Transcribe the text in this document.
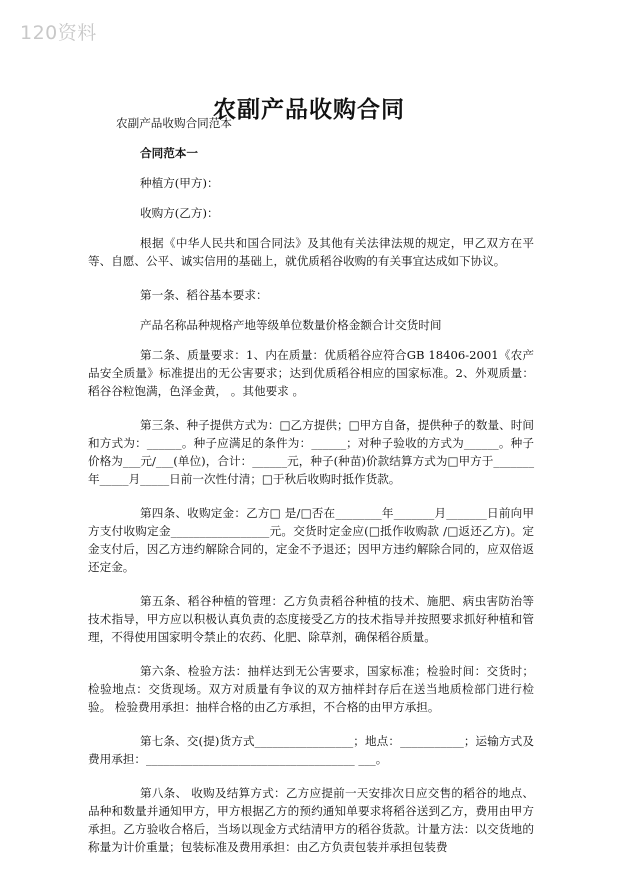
120资料
农副产品收购合同

农副产品收购合同范本

合同范本一

种植方(甲方)：

收购方(乙方)：

根据《中华人民共和国合同法》及其他有关法律法规的规定，甲乙双方在平等、自愿、公平、诚实信用的基础上，就优质稻谷收购的有关事宜达成如下协议。

第一条、稻谷基本要求：

产品名称品种规格产地等级单位数量价格金额合计交货时间

第二条、质量要求：1、内在质量：优质稻谷应符合GB 18406-2001《农产品安全质量》标准提出的无公害要求；达到优质稻谷相应的国家标准。2、外观质量：稻谷谷粒饱满，色泽金黄， 。其他要求 。

第三条、种子提供方式为：□乙方提供；□甲方自备，提供种子的数量、时间和方式为：______。种子应满足的条件为：______；对种子验收的方式为______。种子价格为___元/___(单位)，合计：______元，种子(种苗)价款结算方式为□甲方于_______年_____月_____日前一次性付清；□于秋后收购时抵作货款。

第四条、收购定金：乙方□ 是/□否在________年_______月_______日前向甲方支付收购定金_________________元。交货时定金应(□抵作收购款 /□返还乙方)。定金支付后，因乙方违约解除合同的，定金不予退还；因甲方违约解除合同的，应双倍返还定金。

第五条、稻谷种植的管理：乙方负责稻谷种植的技术、施肥、病虫害防治等技术指导，甲方应以积极认真负责的态度接受乙方的技术指导并按照要求抓好种植和管理，不得使用国家明令禁止的农药、化肥、除草剂，确保稻谷质量。

第六条、检验方法：抽样达到无公害要求，国家标准；检验时间：交货时；检验地点：交货现场。双方对质量有争议的双方抽样封存后在送当地质检部门进行检验。 检验费用承担：抽样合格的由乙方承担，不合格的由甲方承担。

第七条、交(提)货方式_________________；地点：___________；运输方式及费用承担：____________________________________ ___。

第八条、 收购及结算方式：乙方应提前一天安排次日应交售的稻谷的地点、品种和数量并通知甲方，甲方根据乙方的预约通知单要求将稻谷送到乙方，费用由甲方承担。乙方验收合格后，当场以现金方式结清甲方的稻谷货款。计量方法：以交货地的称量为计价重量；包装标准及费用承担：由乙方负责包装并承担包装费
